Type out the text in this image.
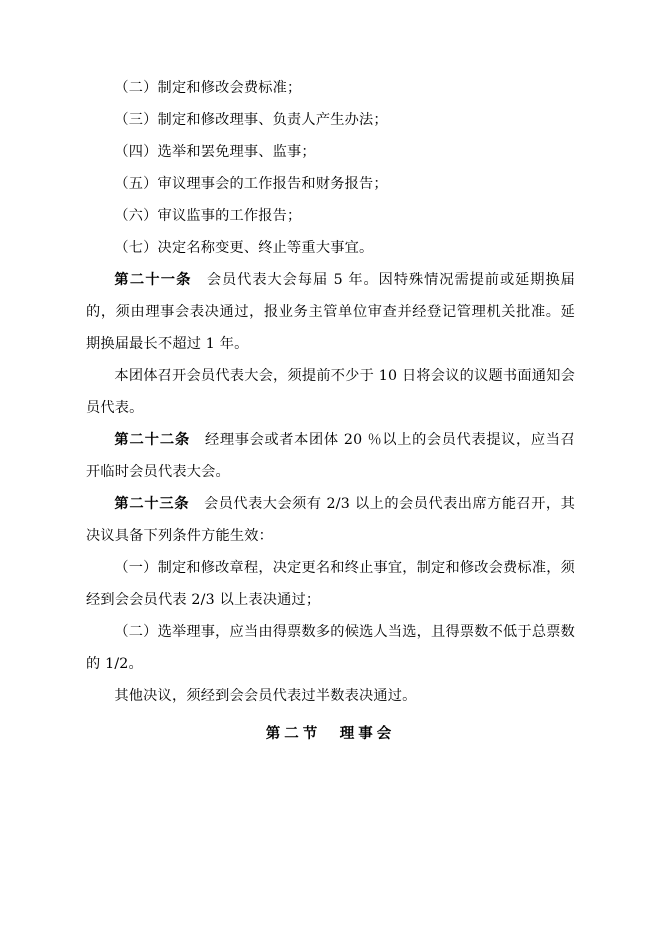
（二）制定和修改会费标准；

（三）制定和修改理事、负责人产生办法；

（四）选举和罢免理事、监事；

（五）审议理事会的工作报告和财务报告；

（六）审议监事的工作报告；

（七）决定名称变更、终止等重大事宜。

第二十一条　会员代表大会每届 5 年。因特殊情况需提前或延期换届的，须由理事会表决通过，报业务主管单位审查并经登记管理机关批准。延期换届最长不超过 1 年。

本团体召开会员代表大会，须提前不少于 10 日将会议的议题书面通知会员代表。

第二十二条　经理事会或者本团体 20 ％以上的会员代表提议，应当召开临时会员代表大会。

第二十三条　会员代表大会须有 2/3 以上的会员代表出席方能召开，其决议具备下列条件方能生效：

（一）制定和修改章程，决定更名和终止事宜，制定和修改会费标准，须经到会会员代表 2/3 以上表决通过；

（二）选举理事，应当由得票数多的候选人当选，且得票数不低于总票数的 1/2。

其他决议，须经到会会员代表过半数表决通过。

第二节　理事会
